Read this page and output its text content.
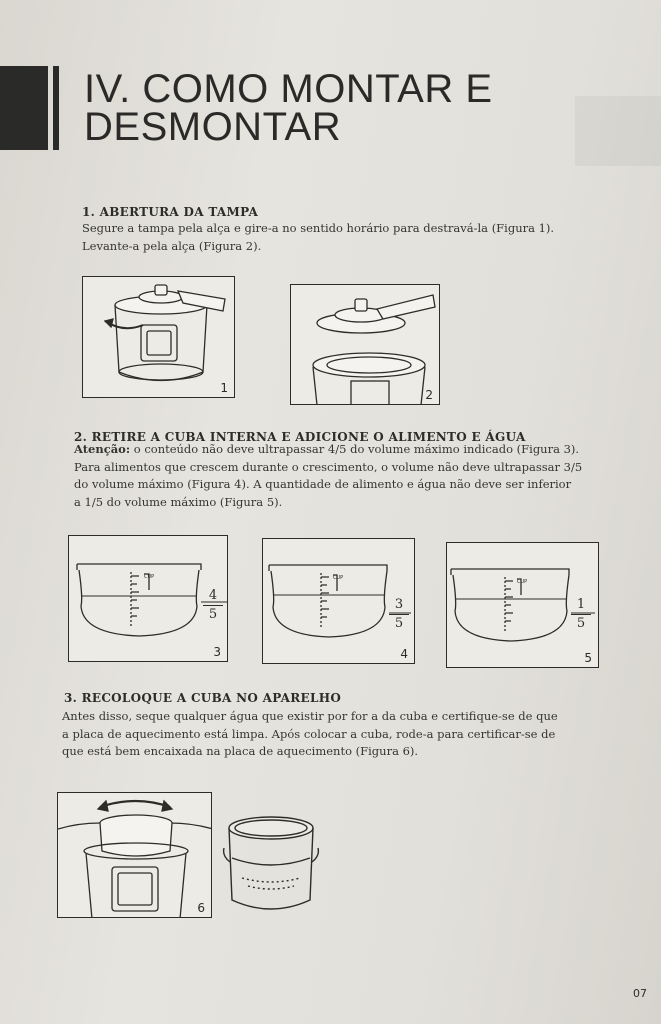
IV. COMO MONTAR E
DESMONTAR
1. ABERTURA DA TAMPA

Segure a tampa pela alça e gire-a no sentido horário para destravá-la (Figura 1).
Levante-a pela alça (Figura 2).

1	2
2. RETIRE A CUBA INTERNA E ADICIONE O ALIMENTO E ÁGUA

Atenção: o conteúdo não deve ultrapassar 4/5 do volume máximo indicado (Figura 3).
Para alimentos que crescem durante o crescimento, o volume não deve ultrapassar 3/5
do volume máximo (Figura 4). A quantidade de alimento e água não deve ser inferior
a 1/5 do volume máximo (Figura 5).

CUP
4
5
3
CUP
3
5
4
CUP
1
5
5
3. RECOLOQUE A CUBA NO APARELHO

Antes disso, seque qualquer água que existir por for a da cuba e certifique-se de que
a placa de aquecimento está limpa. Após colocar a cuba, rode-a para certificar-se de
que está bem encaixada na placa de aquecimento (Figura 6).

6
07
